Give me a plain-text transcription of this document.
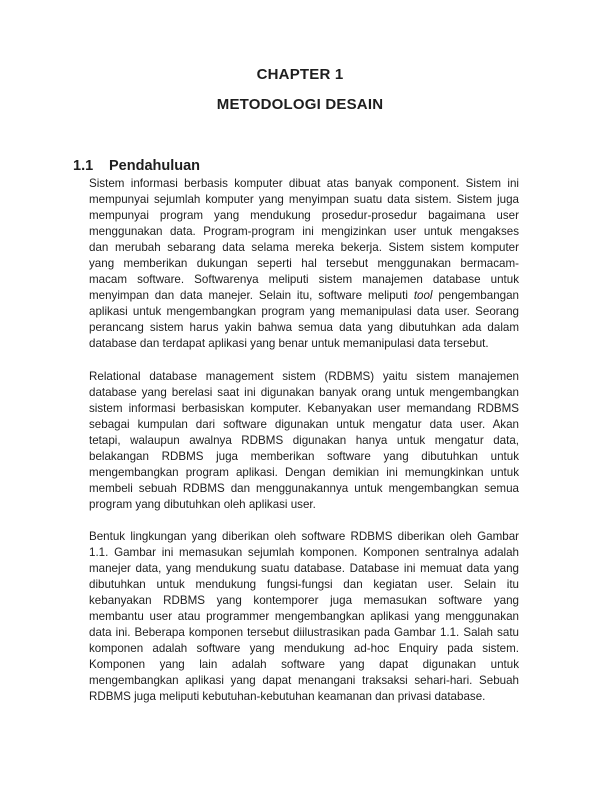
CHAPTER 1
METODOLOGI DESAIN
1.1 Pendahuluan
Sistem informasi berbasis komputer dibuat atas banyak component. Sistem ini
mempunyai sejumlah komputer yang menyimpan suatu data sistem. Sistem juga
mempunyai program yang mendukung prosedur-prosedur bagaimana user
menggunakan data. Program-program ini mengizinkan user untuk mengakses
dan merubah sebarang data selama mereka bekerja. Sistem sistem komputer
yang memberikan dukungan seperti hal tersebut menggunakan bermacam-
macam software. Softwarenya meliputi sistem manajemen database untuk
menyimpan dan data manejer. Selain itu, software meliputi tool pengembangan
aplikasi untuk mengembangkan program yang memanipulasi data user. Seorang
perancang sistem harus yakin bahwa semua data yang dibutuhkan ada dalam
database dan terdapat aplikasi yang benar untuk memanipulasi data tersebut.
Relational database management sistem (RDBMS) yaitu sistem manajemen
database yang berelasi saat ini digunakan banyak orang untuk mengembangkan
sistem informasi berbasiskan komputer. Kebanyakan user memandang RDBMS
sebagai kumpulan dari software digunakan untuk mengatur data user. Akan
tetapi, walaupun awalnya RDBMS digunakan hanya untuk mengatur data,
belakangan RDBMS juga memberikan software yang dibutuhkan untuk
mengembangkan program aplikasi. Dengan demikian ini memungkinkan untuk
membeli sebuah RDBMS dan menggunakannya untuk mengembangkan semua
program yang dibutuhkan oleh aplikasi user.
Bentuk lingkungan yang diberikan oleh software RDBMS diberikan oleh Gambar
1.1. Gambar ini memasukan sejumlah komponen. Komponen sentralnya adalah
manejer data, yang mendukung suatu database. Database ini memuat data yang
dibutuhkan untuk mendukung fungsi-fungsi dan kegiatan user. Selain itu
kebanyakan RDBMS yang kontemporer juga memasukan software yang
membantu user atau programmer mengembangkan aplikasi yang menggunakan
data ini. Beberapa komponen tersebut diilustrasikan pada Gambar 1.1. Salah satu
komponen adalah software yang mendukung ad-hoc Enquiry pada sistem.
Komponen yang lain adalah software yang dapat digunakan untuk
mengembangkan aplikasi yang dapat menangani traksaksi sehari-hari. Sebuah
RDBMS juga meliputi kebutuhan-kebutuhan keamanan dan privasi database.
